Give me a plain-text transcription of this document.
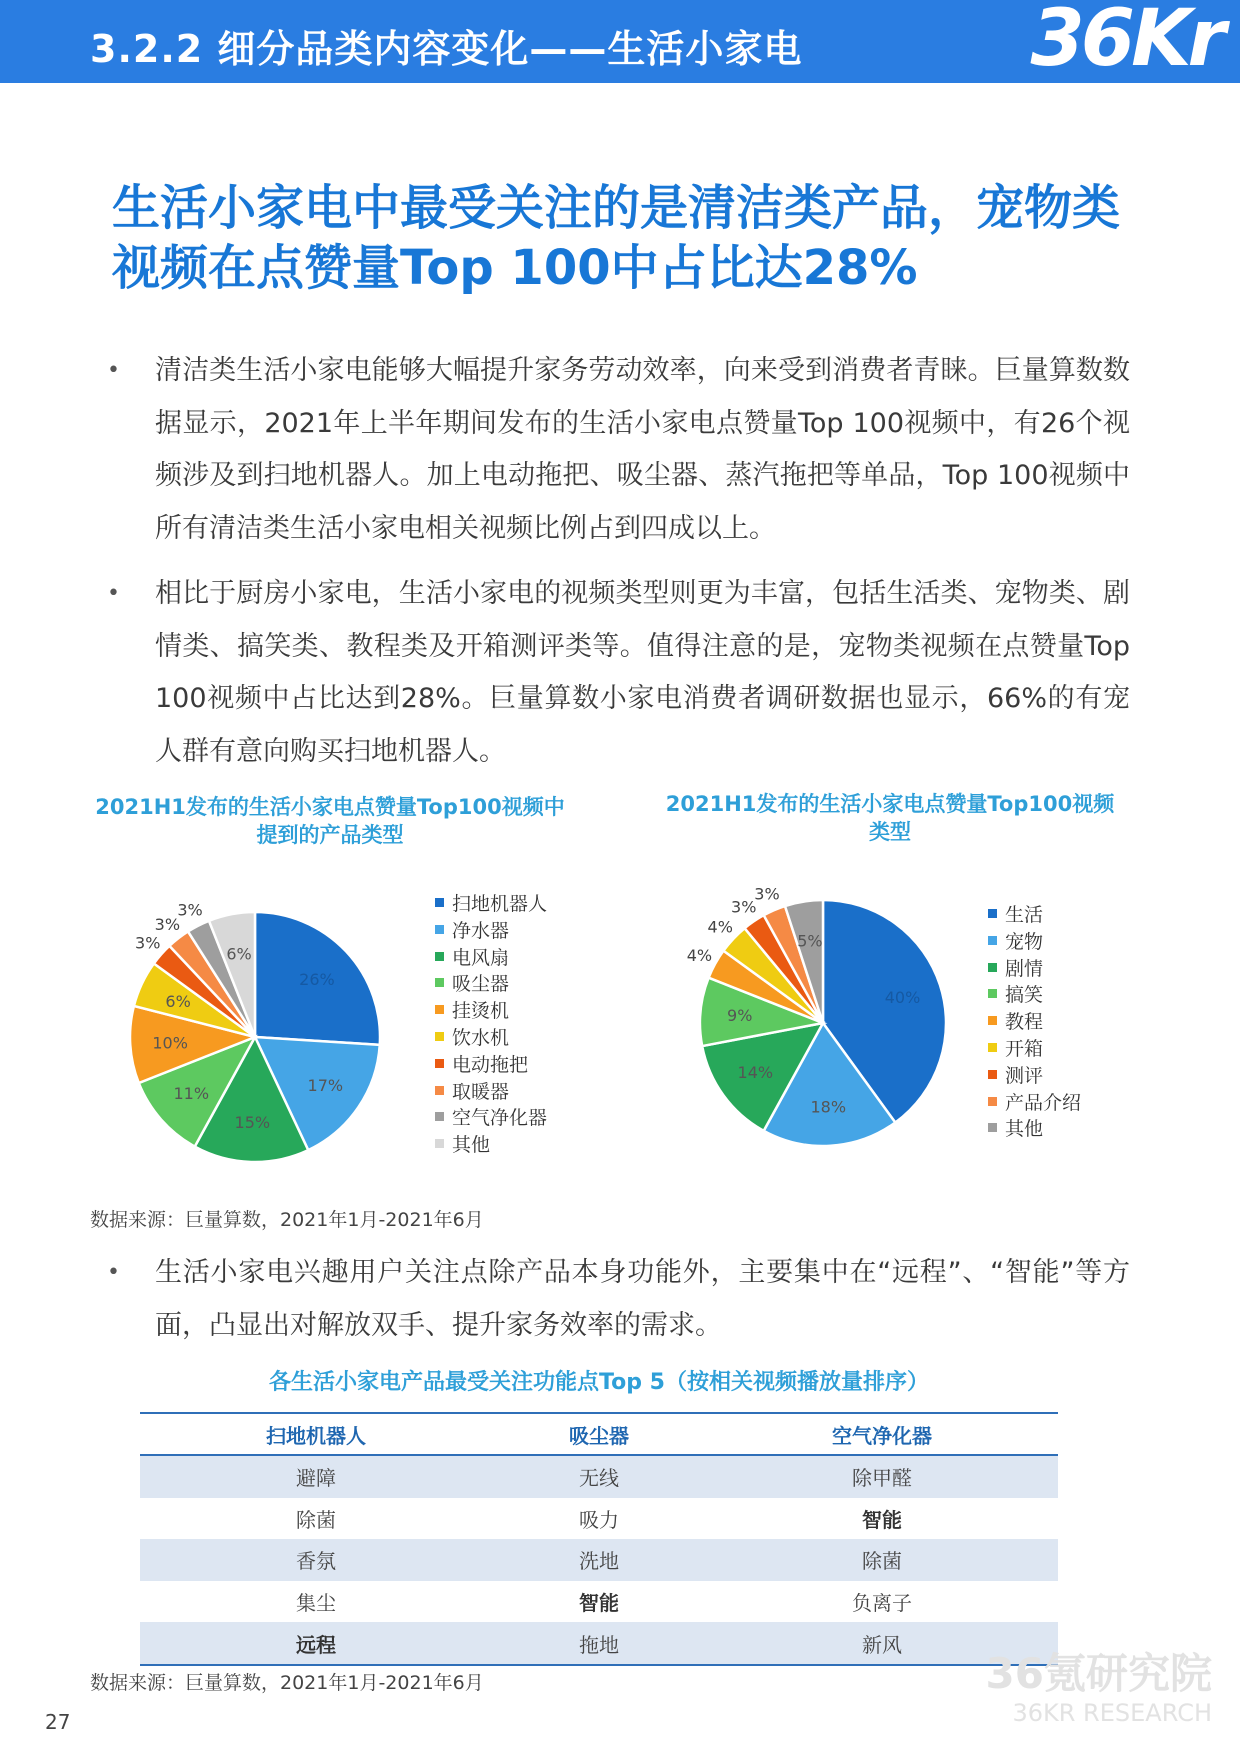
3.2.2 细分品类内容变化——生活小家电	36Kr
生活小家电中最受关注的是清洁类产品，宠物类视频在点赞量Top 100中占比达28%
• 清洁类生活小家电能够大幅提升家务劳动效率，向来受到消费者青睐。巨量算数数据显示，2021年上半年期间发布的生活小家电点赞量Top 100视频中，有26个视频涉及到扫地机器人。加上电动拖把、吸尘器、蒸汽拖把等单品，Top 100视频中所有清洁类生活小家电相关视频比例占到四成以上。
• 相比于厨房小家电，生活小家电的视频类型则更为丰富，包括生活类、宠物类、剧情类、搞笑类、教程类及开箱测评类等。值得注意的是，宠物类视频在点赞量Top 100视频中占比达到28%。巨量算数小家电消费者调研数据也显示，66%的有宠人群有意向购买扫地机器人。
2021H1发布的生活小家电点赞量Top100视频中提到的产品类型
26%
17%
15%
11%
10%
6%
3%
3%
3%
6%
扫地机器人
净水器
电风扇
吸尘器
挂烫机
饮水机
电动拖把
取暖器
空气净化器
其他
2021H1发布的生活小家电点赞量Top100视频类型
40%
18%
14%
9%
4%
4%
3%
3%
5%
生活
宠物
剧情
搞笑
教程
开箱
测评
产品介绍
其他
数据来源：巨量算数，2021年1月-2021年6月
• 生活小家电兴趣用户关注点除产品本身功能外，主要集中在“远程”、“智能”等方面，凸显出对解放双手、提升家务效率的需求。
各生活小家电产品最受关注功能点Top 5（按相关视频播放量排序）
扫地机器人	吸尘器	空气净化器
避障	无线	除甲醛
除菌	吸力	智能
香氛	洗地	除菌
集尘	智能	负离子
远程	拖地	新风
数据来源：巨量算数，2021年1月-2021年6月
27
36氪研究院
36KR RESEARCH
